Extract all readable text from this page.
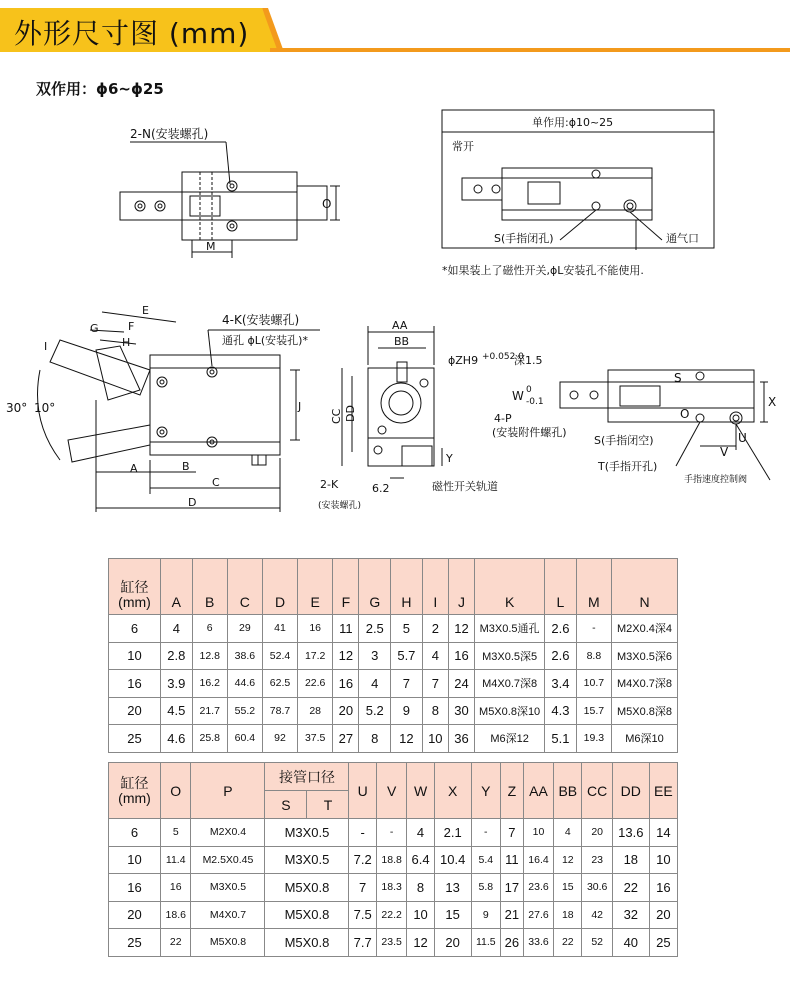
外形尺寸图 (mm)
双作用：ϕ6~ϕ25
2-N(安装螺孔)
O
M
单作用:ϕ10~25
常开
S(手指闭孔)	通气口
*如果装上了磁性开关,ϕL安装孔不能使用.
4-K(安装螺孔)
通孔 ϕL(安装孔)*
E
F
G
H
I
J
30° 10°
A	B
C
D
AA
BB
CC DD
ϕZH9 +0.052 0
深1.5
Y
2-K
(安装螺孔)
6.2	磁性开关轨道
W 0
-0.1
4-P
(安装附件螺孔)
S
O
X
U
V
S(手指闭空)
T(手指开孔)
手指速度控制阀
缸径
(mm)	A	B	C	D	E	F	G	H	I	J	K	L	M	N
6	4	6	29	41	16	11	2.5	5	2	12	M3X0.5通孔	2.6	-	M2X0.4深4
10	2.8	12.8	38.6	52.4	17.2	12	3	5.7	4	16	M3X0.5深5	2.6	8.8	M3X0.5深6
16	3.9	16.2	44.6	62.5	22.6	16	4	7	7	24	M4X0.7深8	3.4	10.7	M4X0.7深8
20	4.5	21.7	55.2	78.7	28	20	5.2	9	8	30	M5X0.8深10	4.3	15.7	M5X0.8深8
25	4.6	25.8	60.4	92	37.5	27	8	12	10	36	M6深12	5.1	19.3	M6深10
缸径
(mm)	O	P	接管口径		U	V	W	X	Y	Z	AA	BB	CC	DD	EE
			S	T											
6	5	M2X0.4	M3X0.5		-	-	4	2.1	-	7	10	4	20	13.6	14
10	11.4	M2.5X0.45	M3X0.5		7.2	18.8	6.4	10.4	5.4	11	16.4	12	23	18	10
16	16	M3X0.5	M5X0.8		7	18.3	8	13	5.8	17	23.6	15	30.6	22	16
20	18.6	M4X0.7	M5X0.8		7.5	22.2	10	15	9	21	27.6	18	42	32	20
25	22	M5X0.8	M5X0.8		7.7	23.5	12	20	11.5	26	33.6	22	52	40	25
